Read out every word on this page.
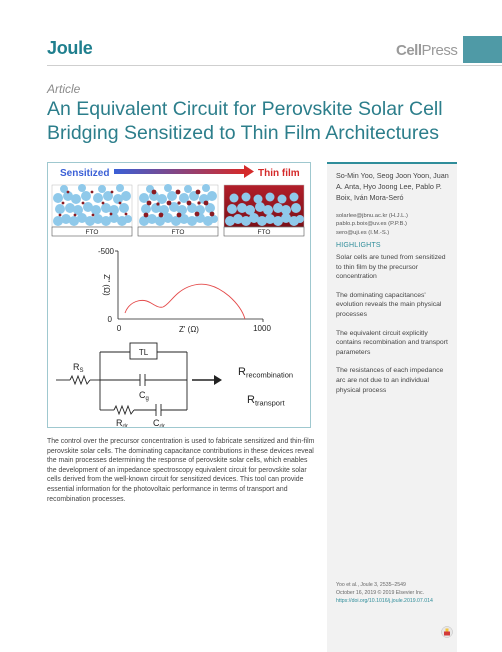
Joule	CellPress
Article
An Equivalent Circuit for Perovskite Solar Cell Bridging Sensitized to Thin Film Architectures
Sensitized	Thin film
FTO	FTO	FTO
-500
0
0	1000
Z'' (Ω)
Z' (Ω)
TL
$R_S$
$C_g$
$R_{dr}$	$C_{dr}$
$R_{recombination}$
$R_{transport}$

The control over the precursor concentration is used to fabricate sensitized and thin-film perovskite solar cells. The dominating capacitance contributions in these devices reveal the main processes determining the response of perovskite solar cells, which enables the development of an impedance spectroscopy equivalent circuit for perovskite solar cells derived from the well-known circuit for sensitized devices. This tool can provide essential information for the photovoltaic performance in terms of transport and recombination processes.

So-Min Yoo, Seog Joon Yoon, Juan A. Anta, Hyo Joong Lee, Pablo P. Boix, Iván Mora-Seró
solarlee@jbnu.ac.kr (H.J.L.)
pablo.p.boix@uv.es (P.P.B.)
sero@uji.es (I.M.-S.)
HIGHLIGHTS

Solar cells are tuned from sensitized to thin film by the precursor concentration

The dominating capacitances' evolution reveals the main physical processes

The equivalent circuit explicitly contains recombination and transport parameters

The resistances of each impedance arc are not due to an individual physical process

Yoo et al., Joule 3, 2535–2549
October 16, 2019 © 2019 Elsevier Inc.
https://doi.org/10.1016/j.joule.2019.07.014
